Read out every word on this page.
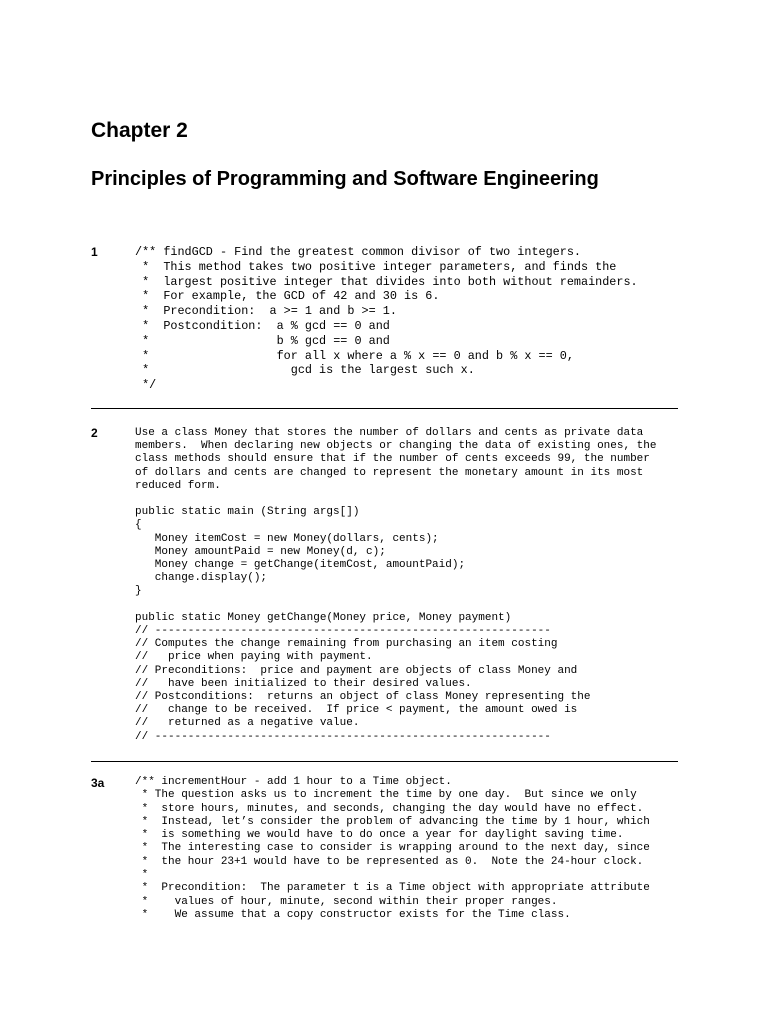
Chapter 2
Principles of Programming and Software Engineering
1	/** findGCD - Find the greatest common divisor of two integers.
*  This method takes two positive integer parameters, and finds the
*  largest positive integer that divides into both without remainders.
*  For example, the GCD of 42 and 30 is 6.
*  Precondition:  a >= 1 and b >= 1.
*  Postcondition:  a % gcd == 0 and
*                  b % gcd == 0 and
*                  for all x where a % x == 0 and b % x == 0,
*                    gcd is the largest such x.
*/
2	Use a class Money that stores the number of dollars and cents as private data
members.  When declaring new objects or changing the data of existing ones, the
class methods should ensure that if the number of cents exceeds 99, the number
of dollars and cents are changed to represent the monetary amount in its most
reduced form.

public static main (String args[])
{
Money itemCost = new Money(dollars, cents);
Money amountPaid = new Money(d, c);
Money change = getChange(itemCost, amountPaid);
change.display();
}

public static Money getChange(Money price, Money payment)
// ------------------------------------------------------------
// Computes the change remaining from purchasing an item costing
//   price when paying with payment.
// Preconditions:  price and payment are objects of class Money and
//   have been initialized to their desired values.
// Postconditions:  returns an object of class Money representing the
//   change to be received.  If price < payment, the amount owed is
//   returned as a negative value.
// ------------------------------------------------------------
3a	/** incrementHour - add 1 hour to a Time object.
* The question asks us to increment the time by one day.  But since we only
*  store hours, minutes, and seconds, changing the day would have no effect.
*  Instead, let’s consider the problem of advancing the time by 1 hour, which
*  is something we would have to do once a year for daylight saving time.
*  The interesting case to consider is wrapping around to the next day, since
*  the hour 23+1 would have to be represented as 0.  Note the 24-hour clock.
*
*  Precondition:  The parameter t is a Time object with appropriate attribute
*    values of hour, minute, second within their proper ranges.
*    We assume that a copy constructor exists for the Time class.
